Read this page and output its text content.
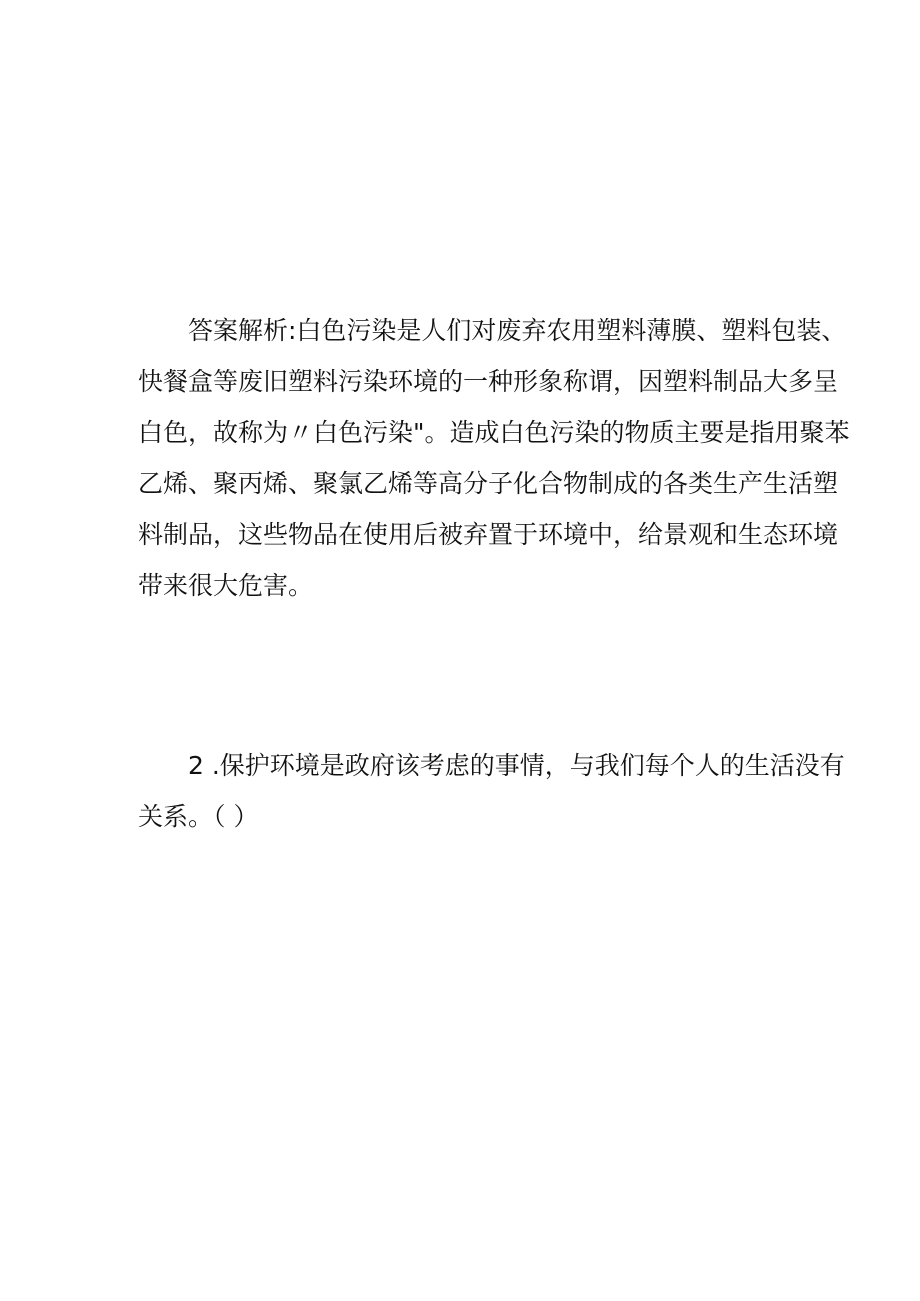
答案解析:白色污染是人们对废弃农用塑料薄膜、塑料包装、
快餐盒等废旧塑料污染环境的一种形象称谓，因塑料制品大多呈
白色，故称为〃白色污染"。造成白色污染的物质主要是指用聚苯
乙烯、聚丙烯、聚氯乙烯等高分子化合物制成的各类生产生活塑
料制品，这些物品在使用后被弃置于环境中，给景观和生态环境
带来很大危害。
2 .保护环境是政府该考虑的事情，与我们每个人的生活没有
关系。（ ）
